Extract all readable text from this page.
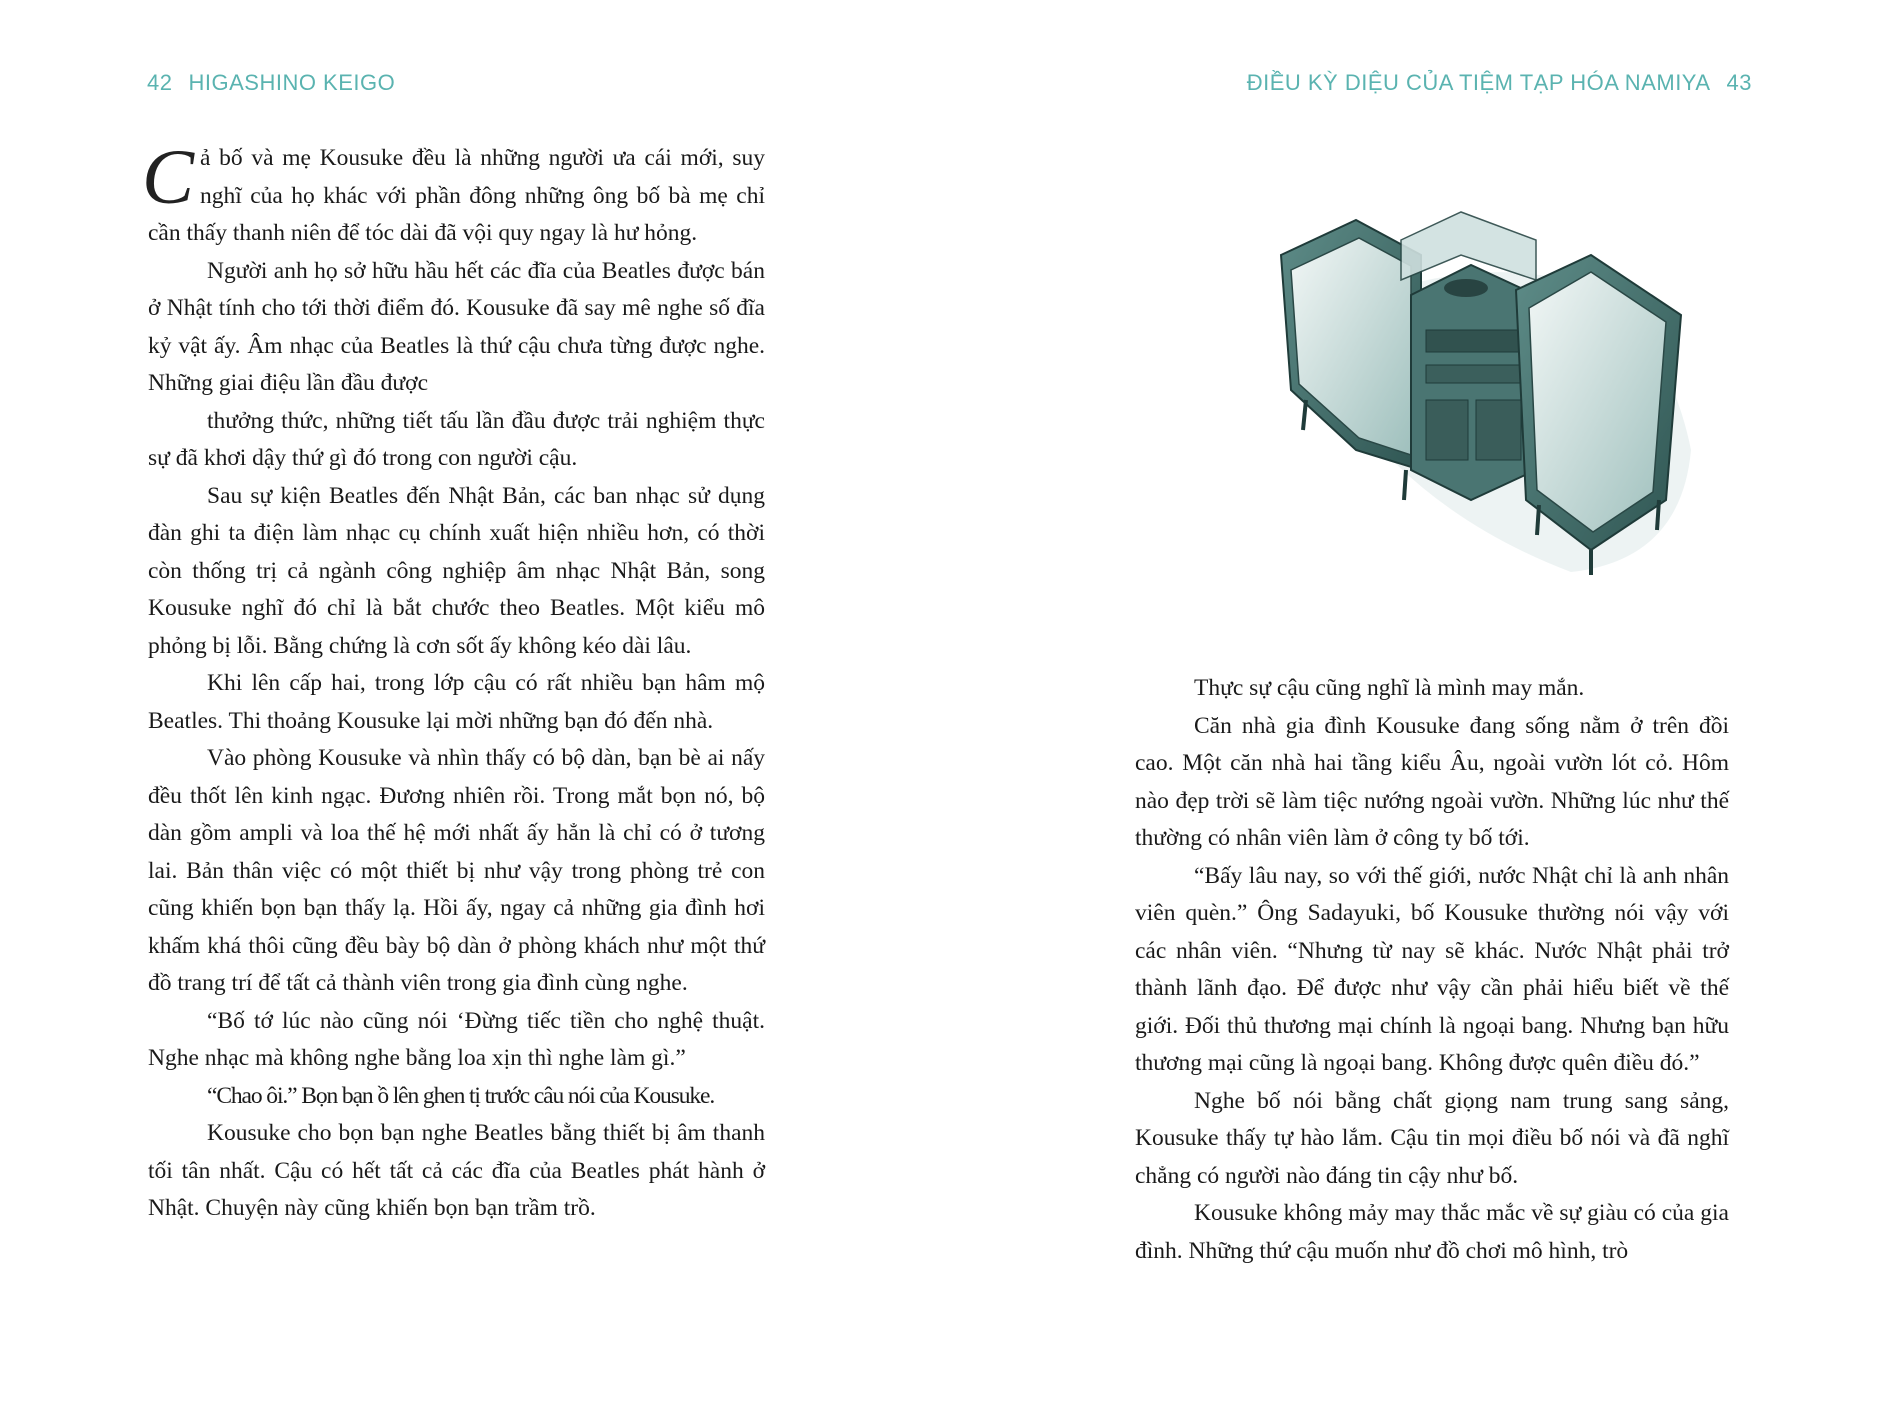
42 HIGASHINO KEIGO

Cả bố và mẹ Kousuke đều là những người ưa cái mới, suy nghĩ của họ khác với phần đông những ông bố bà mẹ chỉ cần thấy thanh niên để tóc dài đã vội quy ngay là hư hỏng.

Người anh họ sở hữu hầu hết các đĩa của Beatles được bán ở Nhật tính cho tới thời điểm đó. Kousuke đã say mê nghe số đĩa kỷ vật ấy. Âm nhạc của Beatles là thứ cậu chưa từng được nghe. Những giai điệu lần đầu được

thưởng thức, những tiết tấu lần đầu được trải nghiệm thực sự đã khơi dậy thứ gì đó trong con người cậu.

Sau sự kiện Beatles đến Nhật Bản, các ban nhạc sử dụng đàn ghi ta điện làm nhạc cụ chính xuất hiện nhiều hơn, có thời còn thống trị cả ngành công nghiệp âm nhạc Nhật Bản, song Kousuke nghĩ đó chỉ là bắt chước theo Beatles. Một kiểu mô phỏng bị lỗi. Bằng chứng là cơn sốt ấy không kéo dài lâu.

Khi lên cấp hai, trong lớp cậu có rất nhiều bạn hâm mộ Beatles. Thi thoảng Kousuke lại mời những bạn đó đến nhà.

Vào phòng Kousuke và nhìn thấy có bộ dàn, bạn bè ai nấy đều thốt lên kinh ngạc. Đương nhiên rồi. Trong mắt bọn nó, bộ dàn gồm ampli và loa thế hệ mới nhất ấy hẳn là chỉ có ở tương lai. Bản thân việc có một thiết bị như vậy trong phòng trẻ con cũng khiến bọn bạn thấy lạ. Hồi ấy, ngay cả những gia đình hơi khấm khá thôi cũng đều bày bộ dàn ở phòng khách như một thứ đồ trang trí để tất cả thành viên trong gia đình cùng nghe.

“Bố tớ lúc nào cũng nói ‘Đừng tiếc tiền cho nghệ thuật. Nghe nhạc mà không nghe bằng loa xịn thì nghe làm gì.”

“Chao ôi.” Bọn bạn ồ lên ghen tị trước câu nói của Kousuke.

Kousuke cho bọn bạn nghe Beatles bằng thiết bị âm thanh tối tân nhất. Cậu có hết tất cả các đĩa của Beatles phát hành ở Nhật. Chuyện này cũng khiến bọn bạn trầm trồ.

ĐIỀU KỲ DIỆU CỦA TIỆM TẠP HÓA NAMIYA 43

Thực sự cậu cũng nghĩ là mình may mắn.

Căn nhà gia đình Kousuke đang sống nằm ở trên đồi cao. Một căn nhà hai tầng kiểu Âu, ngoài vườn lót cỏ. Hôm nào đẹp trời sẽ làm tiệc nướng ngoài vườn. Những lúc như thế thường có nhân viên làm ở công ty bố tới.

“Bấy lâu nay, so với thế giới, nước Nhật chỉ là anh nhân viên quèn.” Ông Sadayuki, bố Kousuke thường nói vậy với các nhân viên. “Nhưng từ nay sẽ khác. Nước Nhật phải trở thành lãnh đạo. Để được như vậy cần phải hiểu biết về thế giới. Đối thủ thương mại chính là ngoại bang. Nhưng bạn hữu thương mại cũng là ngoại bang. Không được quên điều đó.”

Nghe bố nói bằng chất giọng nam trung sang sảng, Kousuke thấy tự hào lắm. Cậu tin mọi điều bố nói và đã nghĩ chẳng có người nào đáng tin cậy như bố.

Kousuke không mảy may thắc mắc về sự giàu có của gia đình. Những thứ cậu muốn như đồ chơi mô hình, trò
